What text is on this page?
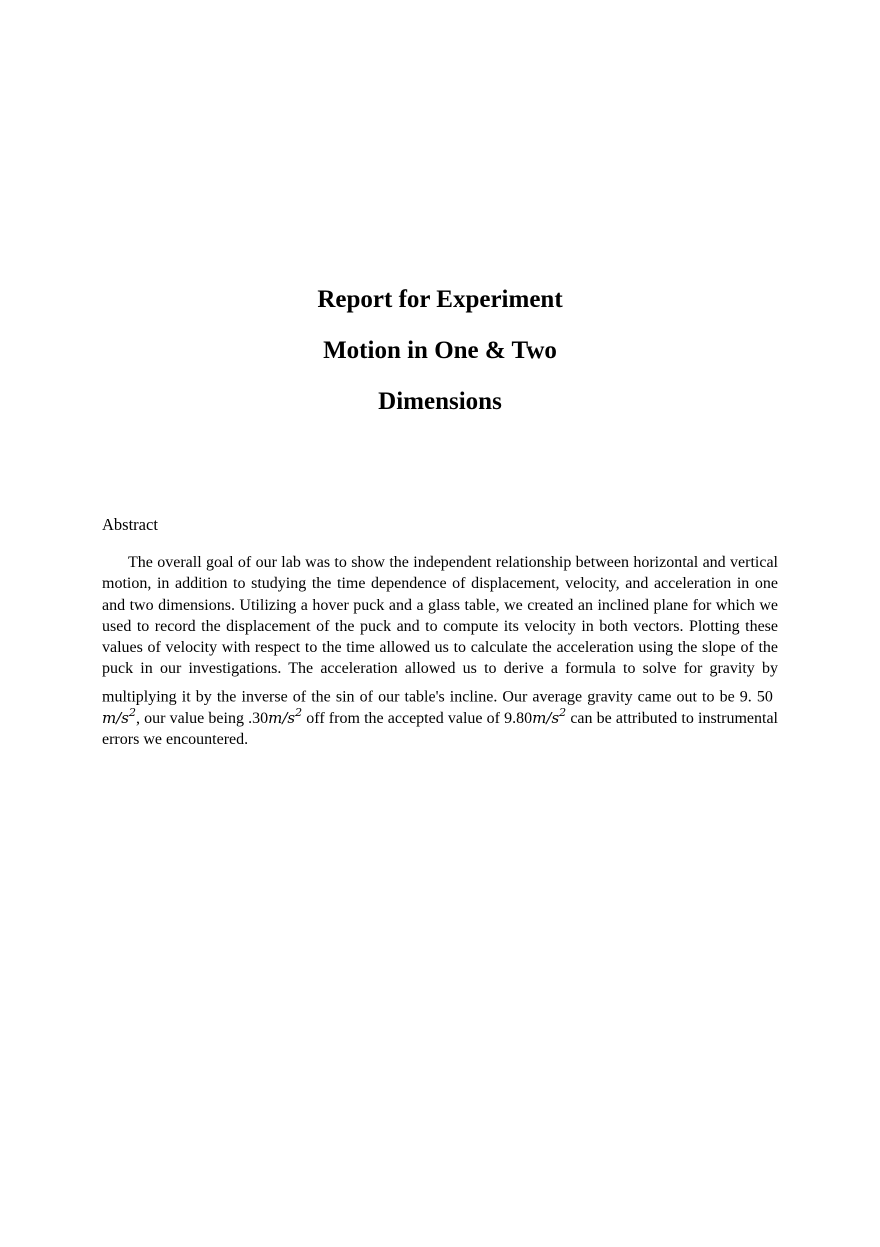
Report for Experiment
Motion in One & Two
Dimensions
Abstract

The overall goal of our lab was to show the independent relationship between horizontal and vertical motion, in addition to studying the time dependence of displacement, velocity, and acceleration in one and two dimensions. Utilizing a hover puck and a glass table, we created an inclined plane for which we used to record the displacement of the puck and to compute its velocity in both vectors. Plotting these values of velocity with respect to the time allowed us to calculate the acceleration using the slope of the puck in our investigations. The acceleration allowed us to derive a formula to solve for gravity by multiplying it by the inverse of the sin of our table's incline. Our average gravity came out to be 9. 50 $m/s^2$, our value being $.30m/s^2$ off from the accepted value of $9.80m/s^2$ can be attributed to instrumental errors we encountered.
